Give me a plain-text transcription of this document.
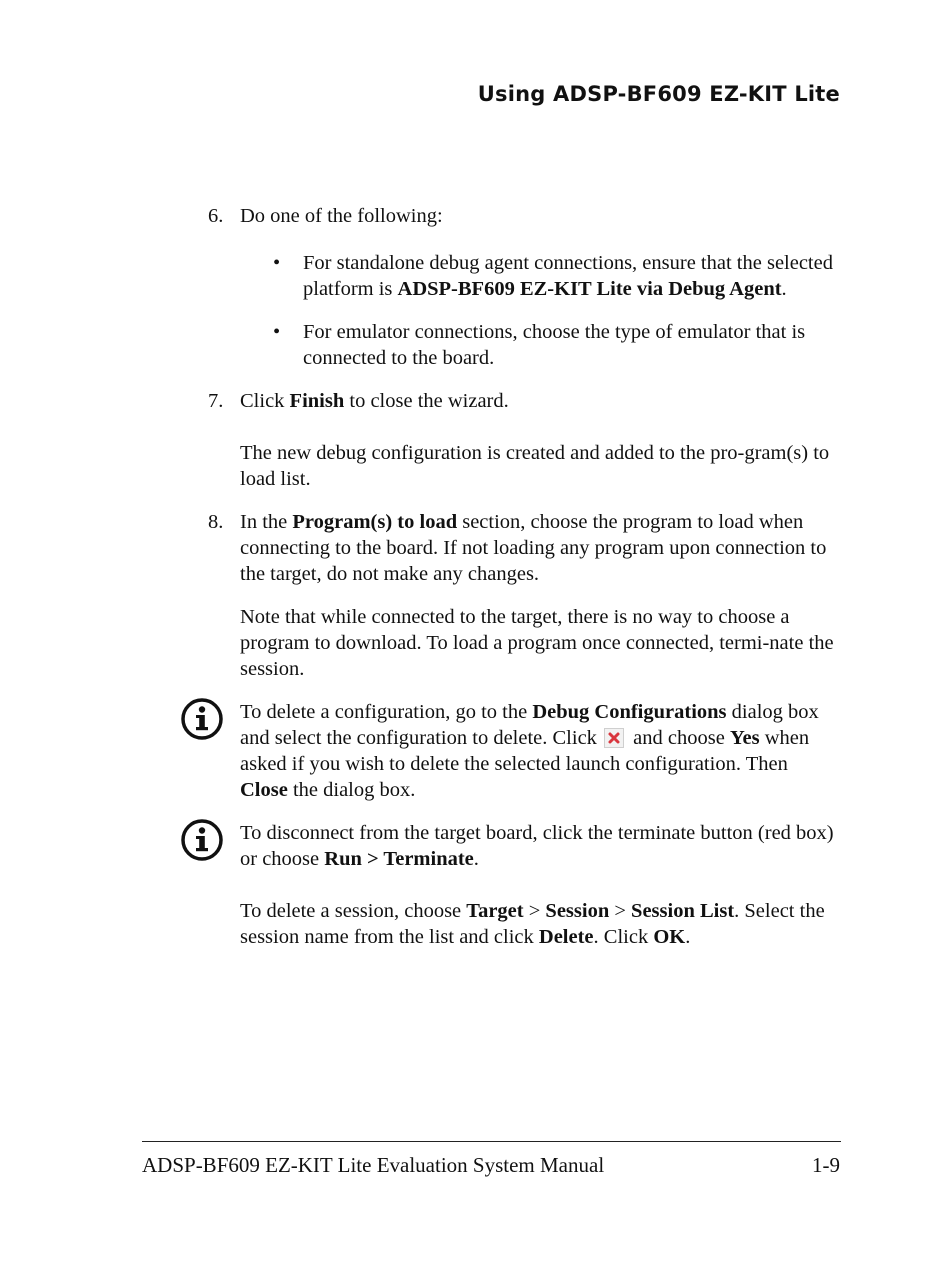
Using ADSP-BF609 EZ-KIT Lite
6. Do one of the following:

• For standalone debug agent connections, ensure that the selected platform is ADSP-BF609 EZ-KIT Lite via Debug Agent.

• For emulator connections, choose the type of emulator that is connected to the board.

7. Click Finish to close the wizard.

The new debug configuration is created and added to the pro-gram(s) to load list.

8. In the Program(s) to load section, choose the program to load when connecting to the board. If not loading any program upon connection to the target, do not make any changes.

Note that while connected to the target, there is no way to choose a program to download. To load a program once connected, termi-nate the session.

To delete a configuration, go to the Debug Configurations dialog box and select the configuration to delete. Click  and choose Yes when asked if you wish to delete the selected launch configuration. Then Close the dialog box.

To disconnect from the target board, click the terminate button (red box) or choose Run > Terminate.

To delete a session, choose Target > Session > Session List. Select the session name from the list and click Delete. Click OK.

ADSP-BF609 EZ-KIT Lite Evaluation System Manual	1-9
